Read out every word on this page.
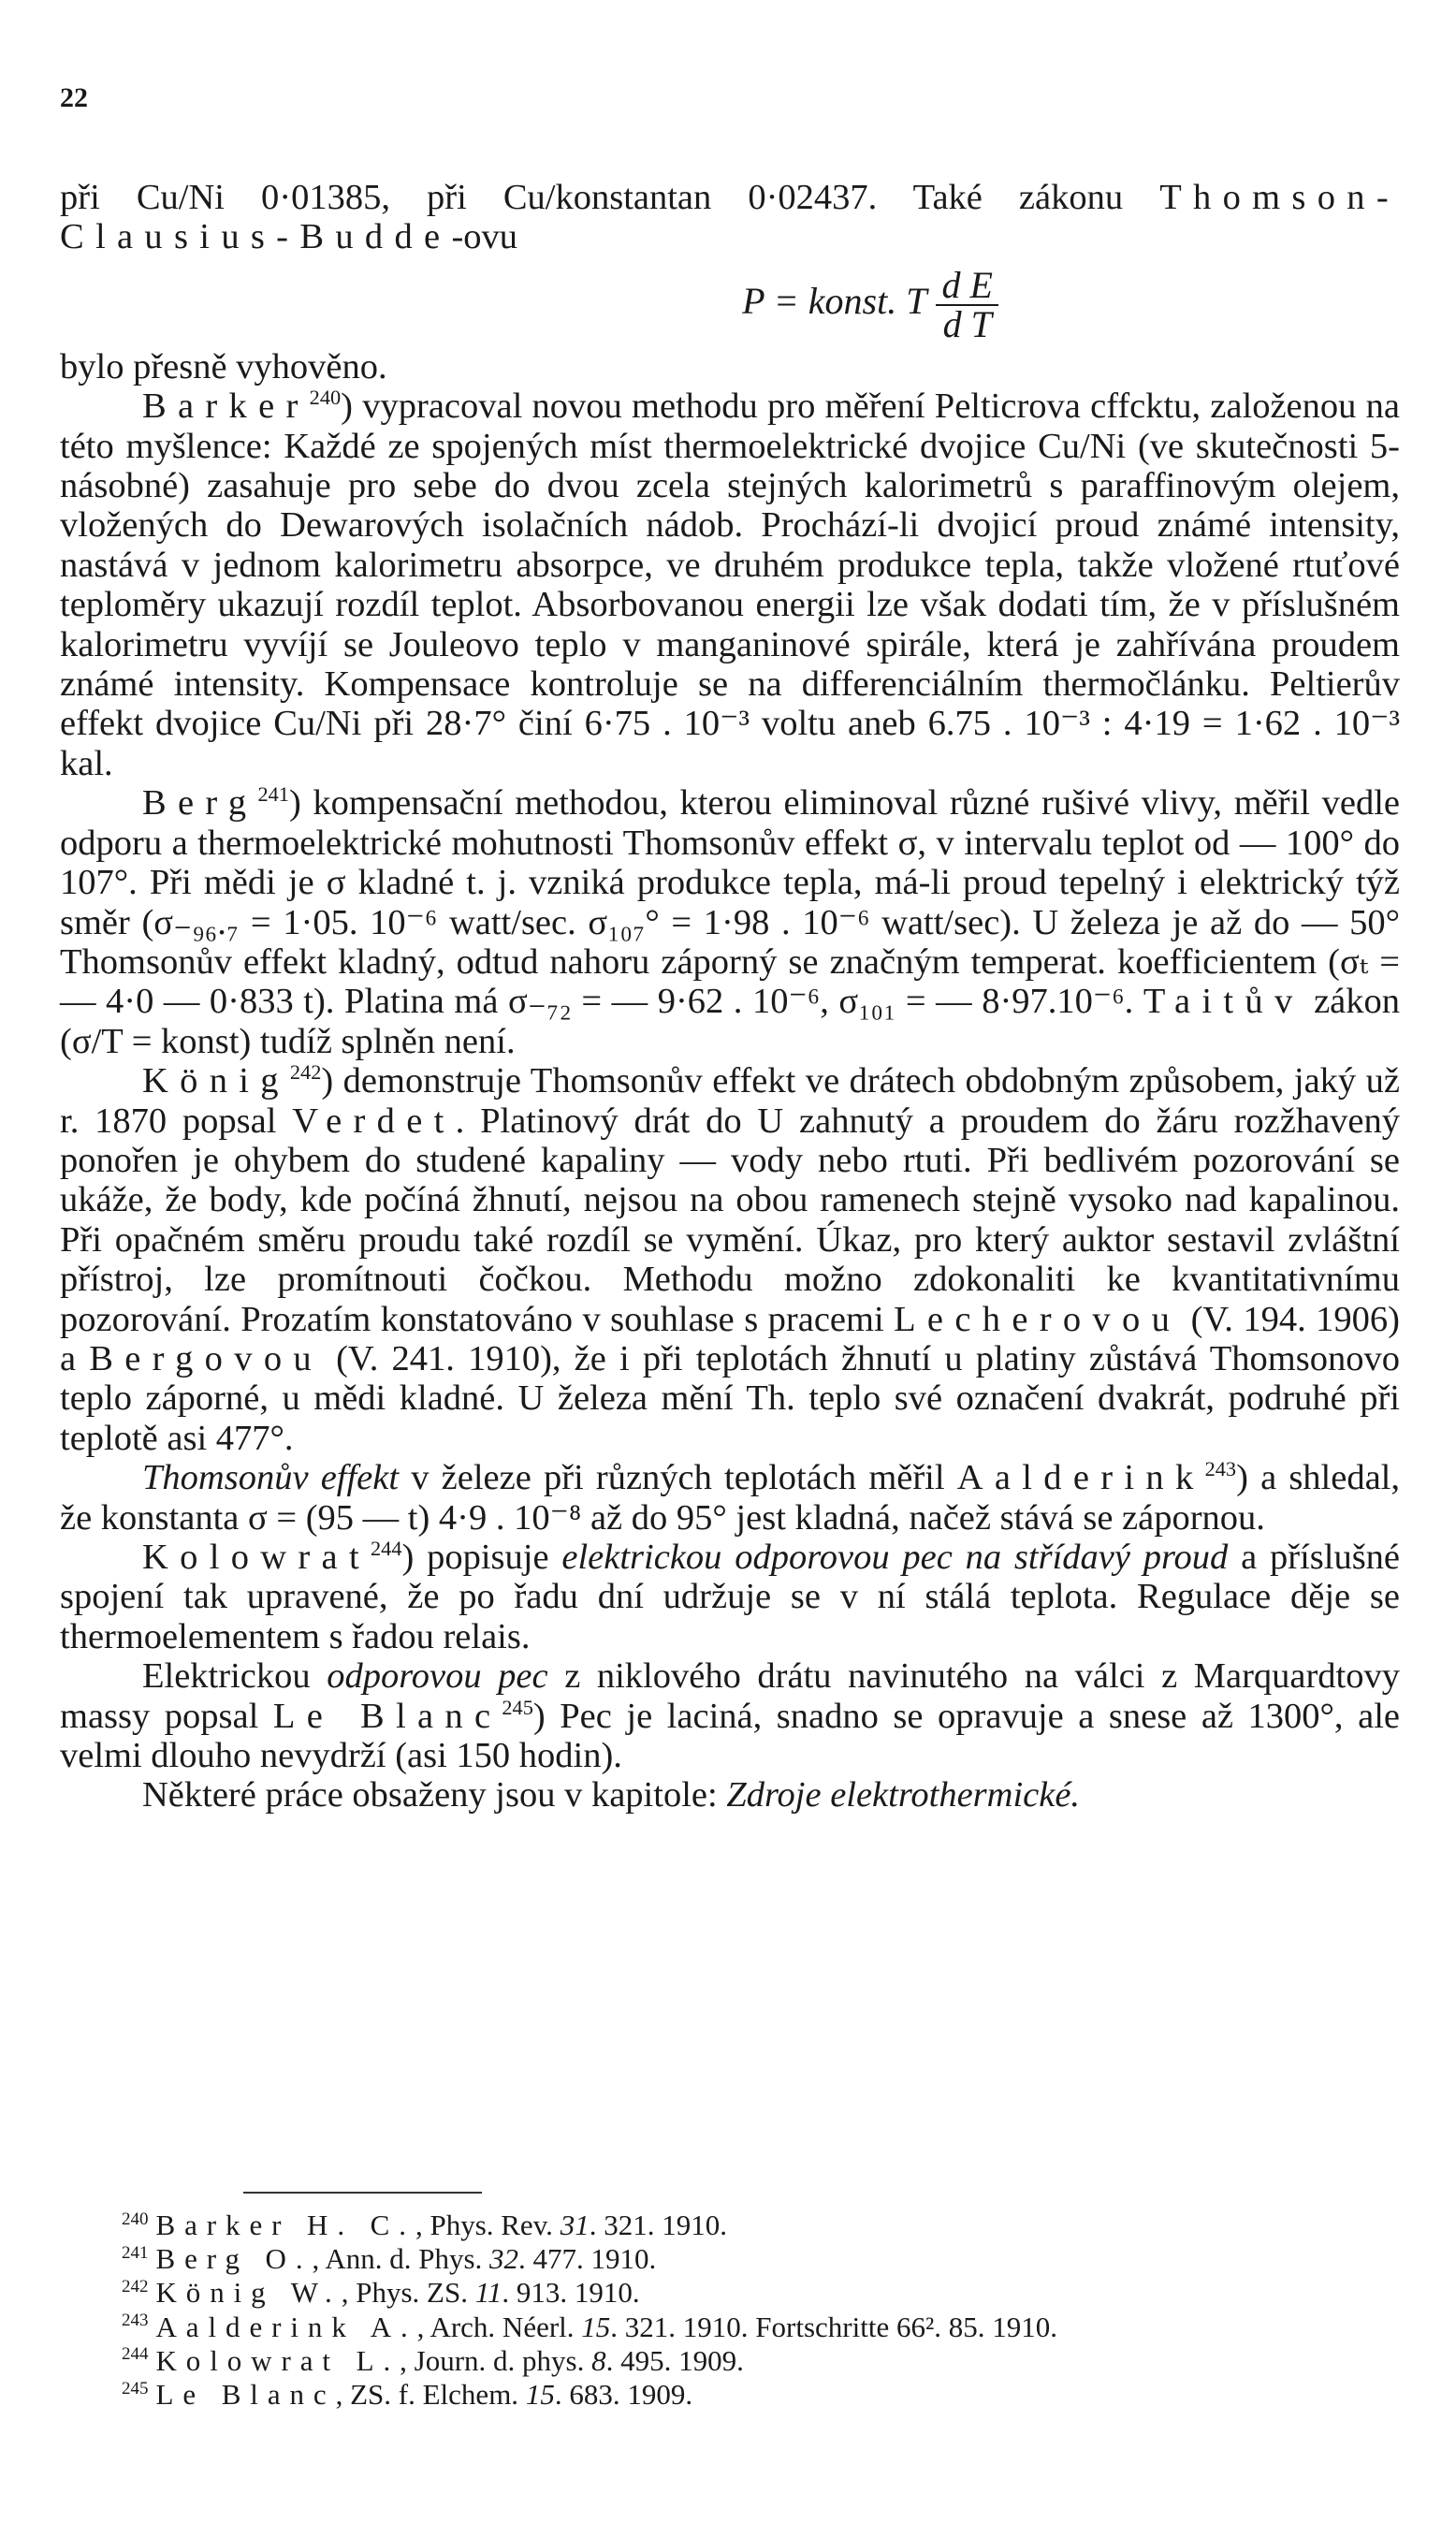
22

při Cu/Ni 0·01385, při Cu/konstantan 0·02437. Také zákonu Thomson-Clausius-Budde-ovu

P = konst. T $\frac{\text{d E}}{\text{d T}}$

bylo přesně vyhověno.

Barker$^{240}$) vypracoval novou methodu pro měření Pelticrova cffcktu, založenou na této myšlence: Každé ze spojených míst thermoelektrické dvojice Cu/Ni (ve skutečnosti 5-násobné) zasahuje pro sebe do dvou zcela stejných kalorimetrů s paraffinovým olejem, vložených do Dewarových isolačních nádob. Prochází-li dvojicí proud známé intensity, nastává v jednom kalorimetru absorpce, ve druhém produkce tepla, takže vložené rtuťové teploměry ukazují rozdíl teplot. Absorbovanou energii lze však dodati tím, že v příslušném kalorimetru vyvíjí se Jouleovo teplo v manganinové spirále, která je zahřívána proudem známé intensity. Kompensace kontroluje se na differenciálním thermočlánku. Peltierův effekt dvojice Cu/Ni při 28·7° činí 6·75 . 10⁻³ voltu aneb 6.75 . 10⁻³ : 4·19 = 1·62 . 10⁻³ kal.

Berg$^{241}$) kompensační methodou, kterou eliminoval různé rušivé vlivy, měřil vedle odporu a thermoelektrické mohutnosti Thomsonův effekt σ, v intervalu teplot od — 100° do 107°. Při mědi je σ kladné t. j. vzniká produkce tepla, má-li proud tepelný i elektrický týž směr (σ₋₉₆.₇ = 1·05. 10⁻⁶ watt/sec. σ₁₀₇° = 1·98 . 10⁻⁶ watt/sec). U železa je až do — 50° Thomsonův effekt kladný, odtud nahoru záporný se značným temperat. koefficientem (σₜ = — 4·0 — 0·833 t). Platina má σ₋₇₂ = — 9·62 . 10⁻⁶, σ₁₀₁ = — 8·97.10⁻⁶. Taitův zákon (σ/T = konst) tudíž splněn není.

König$^{242}$) demonstruje Thomsonův effekt ve drátech obdobným způsobem, jaký už r. 1870 popsal Verdet. Platinový drát do U zahnutý a proudem do žáru rozžhavený ponořen je ohybem do studené kapaliny — vody nebo rtuti. Při bedlivém pozorování se ukáže, že body, kde počíná žhnutí, nejsou na obou ramenech stejně vysoko nad kapalinou. Při opačném směru proudu také rozdíl se vymění. Úkaz, pro který auktor sestavil zvláštní přístroj, lze promítnouti čočkou. Methodu možno zdokonaliti ke kvantitativnímu pozorování. Prozatím konstatováno v souhlase s pracemi Lecherovou (V. 194. 1906) a Bergovou (V. 241. 1910), že i při teplotách žhnutí u platiny zůstává Thomsonovo teplo záporné, u mědi kladné. U železa mění Th. teplo své označení dvakrát, podruhé při teplotě asi 477°.

Thomsonův effekt v železe při různých teplotách měřil Aalderink$^{243}$) a shledal, že konstanta σ = (95 — t) 4·9 . 10⁻⁸ až do 95° jest kladná, načež stává se zápornou.

Kolowrat$^{244}$) popisuje elektrickou odporovou pec na střídavý proud a příslušné spojení tak upravené, že po řadu dní udržuje se v ní stálá teplota. Regulace děje se thermoelementem s řadou relais.

Elektrickou odporovou pec z niklového drátu navinutého na válci z Marquardtovy massy popsal Le Blanc$^{245}$) Pec je laciná, snadno se opravuje a snese až 1300°, ale velmi dlouho nevydrží (asi 150 hodin).

Některé práce obsaženy jsou v kapitole: Zdroje elektrothermické.

$^{240}$ Barker H. C., Phys. Rev. 31. 321. 1910.

$^{241}$ Berg O., Ann. d. Phys. 32. 477. 1910.

$^{242}$ König W., Phys. ZS. 11. 913. 1910.

$^{243}$ Aalderink A., Arch. Néerl. 15. 321. 1910. Fortschritte 66². 85. 1910.

$^{244}$ Kolowrat L., Journ. d. phys. 8. 495. 1909.

$^{245}$ Le Blanc, ZS. f. Elchem. 15. 683. 1909.
